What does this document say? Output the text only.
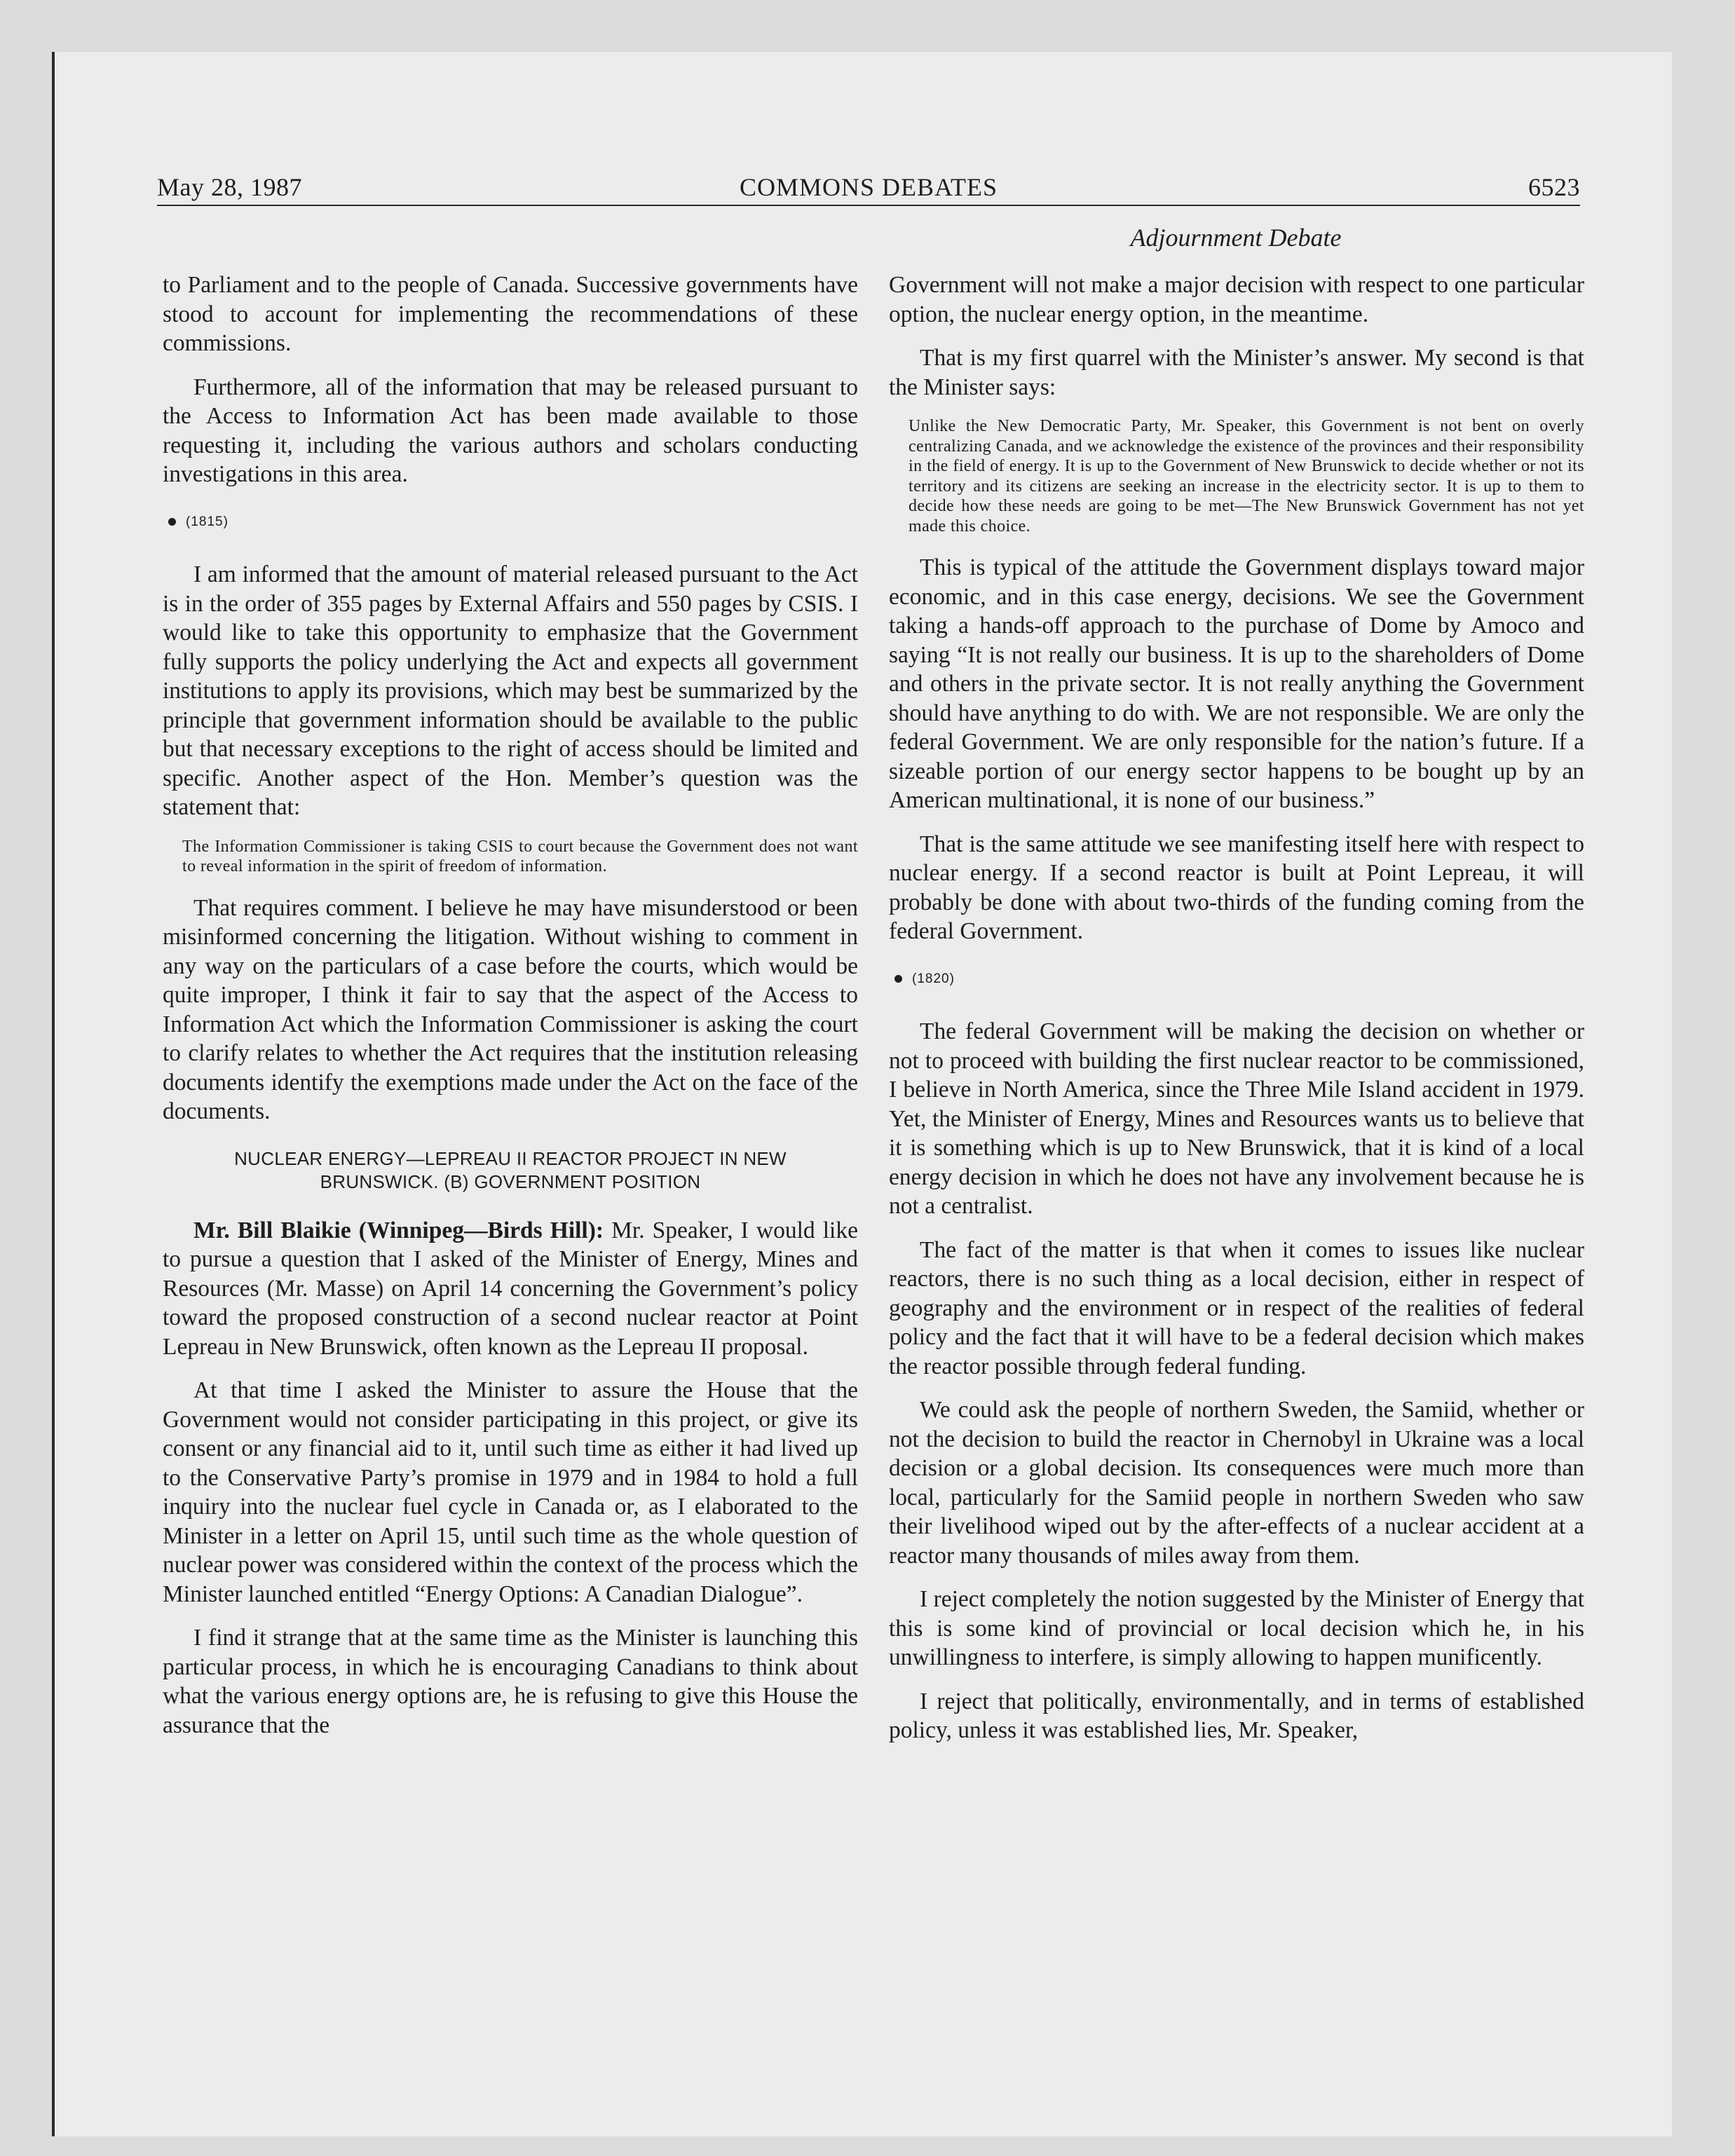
May 28, 1987	COMMONS DEBATES	6523
Adjournment Debate

to Parliament and to the people of Canada. Successive governments have stood to account for implementing the recommendations of these commissions.

Furthermore, all of the information that may be released pursuant to the Access to Information Act has been made available to those requesting it, including the various authors and scholars conducting investigations in this area.

(1815)

I am informed that the amount of material released pursuant to the Act is in the order of 355 pages by External Affairs and 550 pages by CSIS. I would like to take this opportunity to emphasize that the Government fully supports the policy underlying the Act and expects all government institutions to apply its provisions, which may best be summarized by the principle that government information should be available to the public but that necessary exceptions to the right of access should be limited and specific. Another aspect of the Hon. Member’s question was the statement that:

The Information Commissioner is taking CSIS to court because the Government does not want to reveal information in the spirit of freedom of information.

That requires comment. I believe he may have misunderstood or been misinformed concerning the litigation. Without wishing to comment in any way on the particulars of a case before the courts, which would be quite improper, I think it fair to say that the aspect of the Access to Information Act which the Information Commissioner is asking the court to clarify relates to whether the Act requires that the institution releasing documents identify the exemptions made under the Act on the face of the documents.

NUCLEAR ENERGY—LEPREAU II REACTOR PROJECT IN NEW
BRUNSWICK. (B) GOVERNMENT POSITION

Mr. Bill Blaikie (Winnipeg—Birds Hill): Mr. Speaker, I would like to pursue a question that I asked of the Minister of Energy, Mines and Resources (Mr. Masse) on April 14 concerning the Government’s policy toward the proposed construction of a second nuclear reactor at Point Lepreau in New Brunswick, often known as the Lepreau II proposal.

At that time I asked the Minister to assure the House that the Government would not consider participating in this project, or give its consent or any financial aid to it, until such time as either it had lived up to the Conservative Party’s promise in 1979 and in 1984 to hold a full inquiry into the nuclear fuel cycle in Canada or, as I elaborated to the Minister in a letter on April 15, until such time as the whole question of nuclear power was considered within the context of the process which the Minister launched entitled “Energy Options: A Canadian Dialogue”.

I find it strange that at the same time as the Minister is launching this particular process, in which he is encouraging Canadians to think about what the various energy options are, he is refusing to give this House the assurance that the

Government will not make a major decision with respect to one particular option, the nuclear energy option, in the meantime.

That is my first quarrel with the Minister’s answer. My second is that the Minister says:

Unlike the New Democratic Party, Mr. Speaker, this Government is not bent on overly centralizing Canada, and we acknowledge the existence of the provinces and their responsibility in the field of energy. It is up to the Government of New Brunswick to decide whether or not its territory and its citizens are seeking an increase in the electricity sector. It is up to them to decide how these needs are going to be met—The New Brunswick Government has not yet made this choice.

This is typical of the attitude the Government displays toward major economic, and in this case energy, decisions. We see the Government taking a hands-off approach to the purchase of Dome by Amoco and saying “It is not really our business. It is up to the shareholders of Dome and others in the private sector. It is not really anything the Government should have anything to do with. We are not responsible. We are only the federal Government. We are only responsible for the nation’s future. If a sizeable portion of our energy sector happens to be bought up by an American multinational, it is none of our business.”

That is the same attitude we see manifesting itself here with respect to nuclear energy. If a second reactor is built at Point Lepreau, it will probably be done with about two-thirds of the funding coming from the federal Government.

(1820)

The federal Government will be making the decision on whether or not to proceed with building the first nuclear reactor to be commissioned, I believe in North America, since the Three Mile Island accident in 1979. Yet, the Minister of Energy, Mines and Resources wants us to believe that it is something which is up to New Brunswick, that it is kind of a local energy decision in which he does not have any involvement because he is not a centralist.

The fact of the matter is that when it comes to issues like nuclear reactors, there is no such thing as a local decision, either in respect of geography and the environment or in respect of the realities of federal policy and the fact that it will have to be a federal decision which makes the reactor possible through federal funding.

We could ask the people of northern Sweden, the Samiid, whether or not the decision to build the reactor in Chernobyl in Ukraine was a local decision or a global decision. Its consequences were much more than local, particularly for the Samiid people in northern Sweden who saw their livelihood wiped out by the after-effects of a nuclear accident at a reactor many thousands of miles away from them.

I reject completely the notion suggested by the Minister of Energy that this is some kind of provincial or local decision which he, in his unwillingness to interfere, is simply allowing to happen munificently.

I reject that politically, environmentally, and in terms of established policy, unless it was established lies, Mr. Speaker,
